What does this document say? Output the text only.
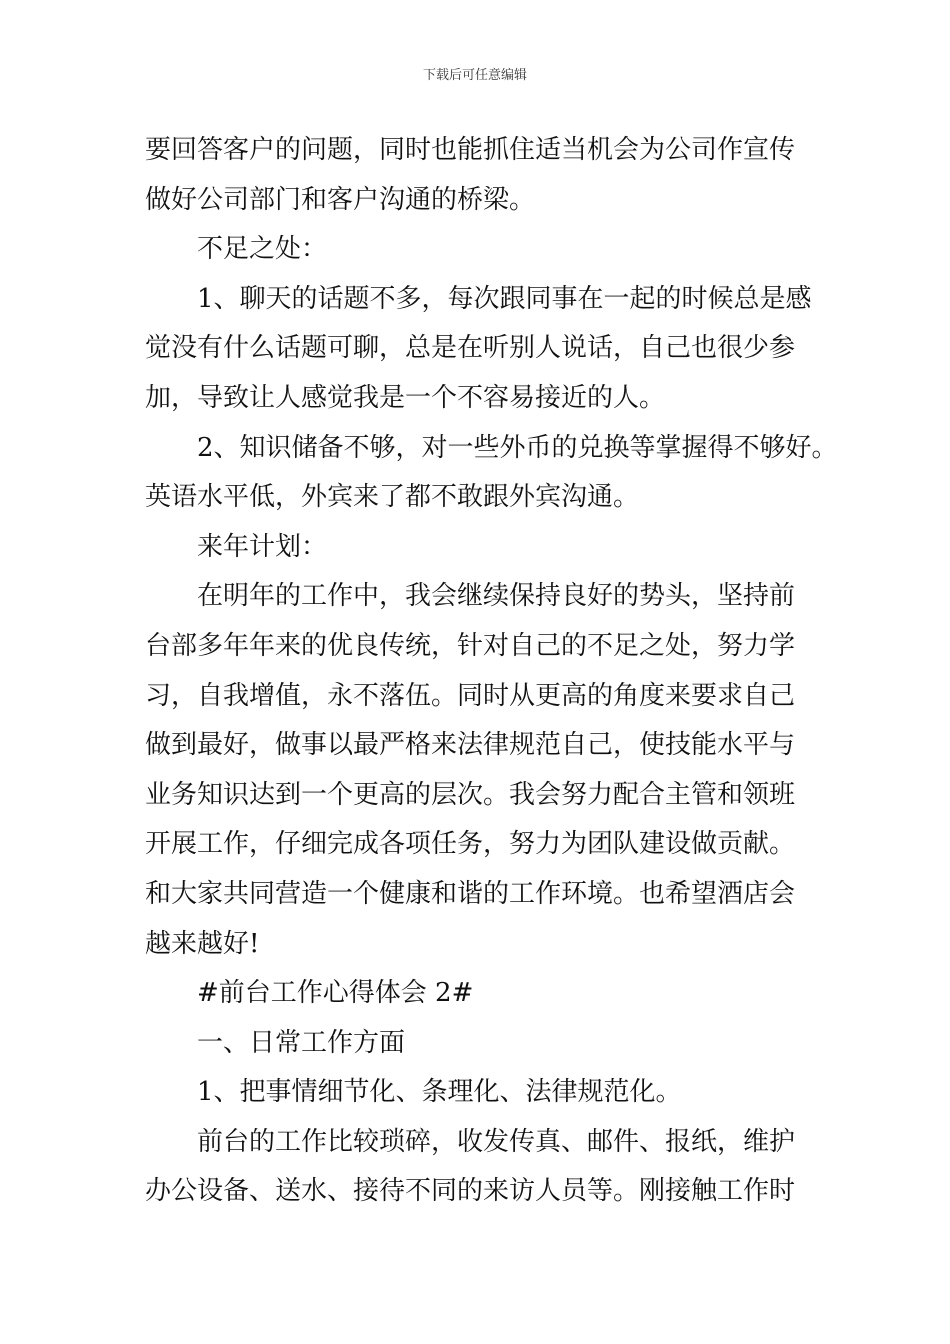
下载后可任意编辑
要回答客户的问题，同时也能抓住适当机会为公司作宣传
做好公司部门和客户沟通的桥梁。
不足之处：
1、聊天的话题不多，每次跟同事在一起的时候总是感
觉没有什么话题可聊，总是在听别人说话，自己也很少参
加，导致让人感觉我是一个不容易接近的人。
2、知识储备不够，对一些外币的兑换等掌握得不够好。
英语水平低，外宾来了都不敢跟外宾沟通。
来年计划：
在明年的工作中，我会继续保持良好的势头，坚持前
台部多年年来的优良传统，针对自己的不足之处，努力学
习，自我增值，永不落伍。同时从更高的角度来要求自己
做到最好，做事以最严格来法律规范自己，使技能水平与
业务知识达到一个更高的层次。我会努力配合主管和领班
开展工作，仔细完成各项任务，努力为团队建设做贡献。
和大家共同营造一个健康和谐的工作环境。也希望酒店会
越来越好!
#前台工作心得体会 2#
一、日常工作方面
1、把事情细节化、条理化、法律规范化。
前台的工作比较琐碎，收发传真、邮件、报纸，维护
办公设备、送水、接待不同的来访人员等。刚接触工作时
